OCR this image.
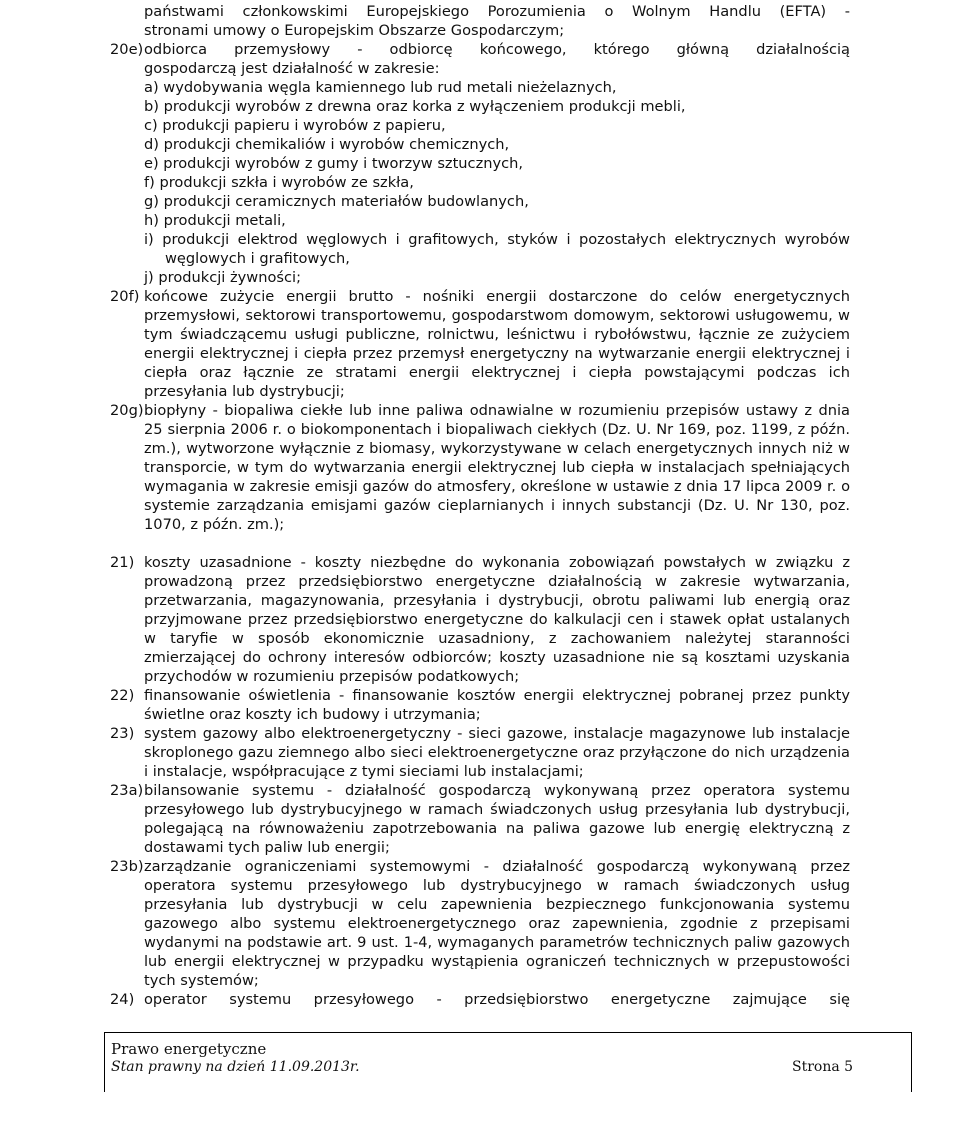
państwami członkowskimi Europejskiego Porozumienia o Wolnym Handlu (EFTA) -

stronami umowy o Europejskim Obszarze Gospodarczym;

20e) odbiorca przemysłowy - odbiorcę końcowego, którego główną działalnością

gospodarczą jest działalność w zakresie:

a) wydobywania węgla kamiennego lub rud metali nieżelaznych,

b) produkcji wyrobów z drewna oraz korka z wyłączeniem produkcji mebli,

c) produkcji papieru i wyrobów z papieru,

d) produkcji chemikaliów i wyrobów chemicznych,

e) produkcji wyrobów z gumy i tworzyw sztucznych,

f) produkcji szkła i wyrobów ze szkła,

g) produkcji ceramicznych materiałów budowlanych,

h) produkcji metali,

i) produkcji elektrod węglowych i grafitowych, styków i pozostałych elektrycznych wyrobów węglowych i grafitowych,

j) produkcji żywności;

20f) końcowe zużycie energii brutto - nośniki energii dostarczone do celów energetycznych przemysłowi, sektorowi transportowemu, gospodarstwom domowym, sektorowi usługowemu, w tym świadczącemu usługi publiczne, rolnictwu, leśnictwu i rybołówstwu, łącznie ze zużyciem energii elektrycznej i ciepła przez przemysł energetyczny na wytwarzanie energii elektrycznej i ciepła oraz łącznie ze stratami energii elektrycznej i ciepła powstającymi podczas ich przesyłania lub dystrybucji;

20g) biopłyny - biopaliwa ciekłe lub inne paliwa odnawialne w rozumieniu przepisów ustawy z dnia 25 sierpnia 2006 r. o biokomponentach i biopaliwach ciekłych (Dz. U. Nr 169, poz. 1199, z późn. zm.), wytworzone wyłącznie z biomasy, wykorzystywane w celach energetycznych innych niż w transporcie, w tym do wytwarzania energii elektrycznej lub ciepła w instalacjach spełniających wymagania w zakresie emisji gazów do atmosfery, określone w ustawie z dnia 17 lipca 2009 r. o systemie zarządzania emisjami gazów cieplarnianych i innych substancji (Dz. U. Nr 130, poz. 1070, z późn. zm.);

21) koszty uzasadnione - koszty niezbędne do wykonania zobowiązań powstałych w związku z prowadzoną przez przedsiębiorstwo energetyczne działalnością w zakresie wytwarzania, przetwarzania, magazynowania, przesyłania i dystrybucji, obrotu paliwami lub energią oraz przyjmowane przez przedsiębiorstwo energetyczne do kalkulacji cen i stawek opłat ustalanych w taryfie w sposób ekonomicznie uzasadniony, z zachowaniem należytej staranności zmierzającej do ochrony interesów odbiorców; koszty uzasadnione nie są kosztami uzyskania przychodów w rozumieniu przepisów podatkowych;

22) finansowanie oświetlenia - finansowanie kosztów energii elektrycznej pobranej przez punkty świetlne oraz koszty ich budowy i utrzymania;

23) system gazowy albo elektroenergetyczny - sieci gazowe, instalacje magazynowe lub instalacje skroplonego gazu ziemnego albo sieci elektroenergetyczne oraz przyłączone do nich urządzenia i instalacje, współpracujące z tymi sieciami lub instalacjami;

23a) bilansowanie systemu - działalność gospodarczą wykonywaną przez operatora systemu przesyłowego lub dystrybucyjnego w ramach świadczonych usług przesyłania lub dystrybucji, polegającą na równoważeniu zapotrzebowania na paliwa gazowe lub energię elektryczną z dostawami tych paliw lub energii;

23b) zarządzanie ograniczeniami systemowymi - działalność gospodarczą wykonywaną przez operatora systemu przesyłowego lub dystrybucyjnego w ramach świadczonych usług przesyłania lub dystrybucji w celu zapewnienia bezpiecznego funkcjonowania systemu gazowego albo systemu elektroenergetycznego oraz zapewnienia, zgodnie z przepisami wydanymi na podstawie art. 9 ust. 1-4, wymaganych parametrów technicznych paliw gazowych lub energii elektrycznej w przypadku wystąpienia ograniczeń technicznych w przepustowości tych systemów;

24) operator systemu przesyłowego - przedsiębiorstwo energetyczne zajmujące się

Prawo energetyczne
Stan prawny na dzień 11.09.2013r.	Strona 5
